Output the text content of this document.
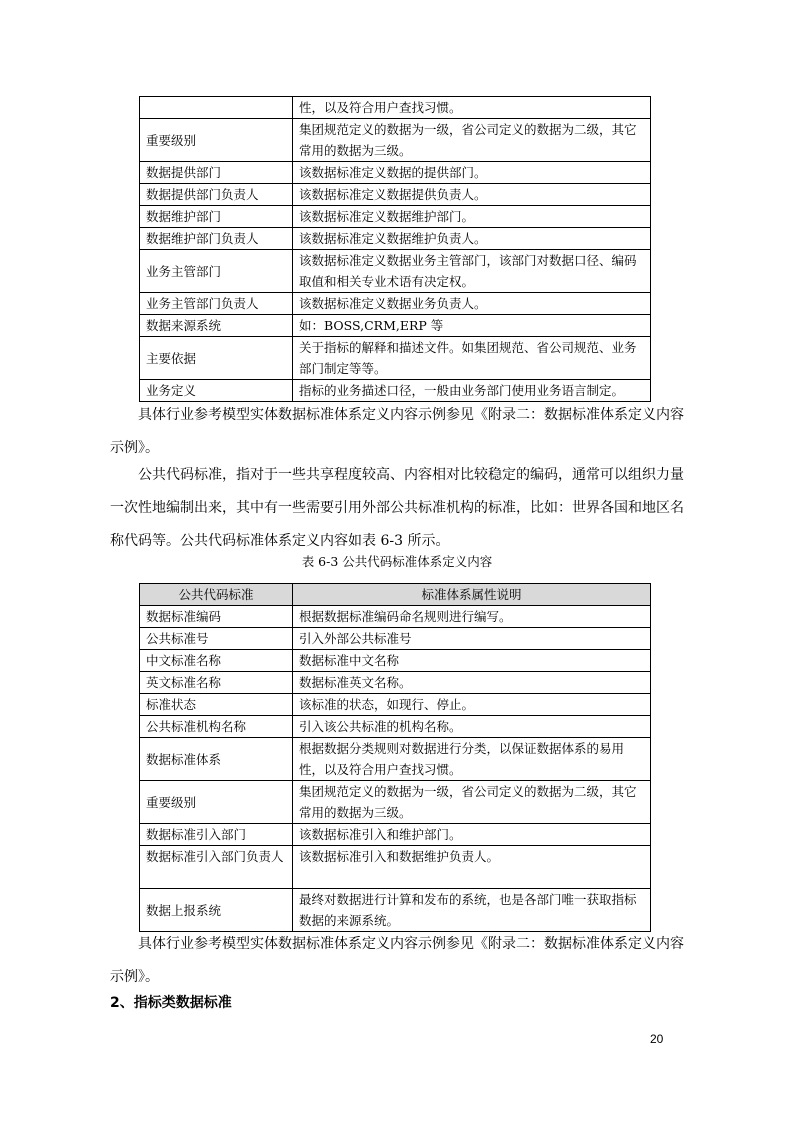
	性，以及符合用户查找习惯。
重要级别	集团规范定义的数据为一级，省公司定义的数据为二级，其它常用的数据为三级。
数据提供部门	该数据标准定义数据的提供部门。
数据提供部门负责人	该数据标准定义数据提供负责人。
数据维护部门	该数据标准定义数据维护部门。
数据维护部门负责人	该数据标准定义数据维护负责人。
业务主管部门	该数据标准定义数据业务主管部门，该部门对数据口径、编码取值和相关专业术语有决定权。
业务主管部门负责人	该数据标准定义数据业务负责人。
数据来源系统	如：BOSS,CRM,ERP 等
主要依据	关于指标的解释和描述文件。如集团规范、省公司规范、业务部门制定等等。
业务定义	指标的业务描述口径，一般由业务部门使用业务语言制定。

具体行业参考模型实体数据标准体系定义内容示例参见《附录二：数据标准体系定义内容示例》。

公共代码标准，指对于一些共享程度较高、内容相对比较稳定的编码，通常可以组织力量一次性地编制出来，其中有一些需要引用外部公共标准机构的标准，比如：世界各国和地区名称代码等。公共代码标准体系定义内容如表 6-3 所示。

表 6-3 公共代码标准体系定义内容
公共代码标准	标准体系属性说明
数据标准编码	根据数据标准编码命名规则进行编写。
公共标准号	引入外部公共标准号
中文标准名称	数据标准中文名称
英文标准名称	数据标准英文名称。
标准状态	该标准的状态，如现行、停止。
公共标准机构名称	引入该公共标准的机构名称。
数据标准体系	根据数据分类规则对数据进行分类，以保证数据体系的易用性，以及符合用户查找习惯。
重要级别	集团规范定义的数据为一级，省公司定义的数据为二级，其它常用的数据为三级。
数据标准引入部门	该数据标准引入和维护部门。
数据标准引入部门负责人	该数据标准引入和数据维护负责人。
数据上报系统	最终对数据进行计算和发布的系统，也是各部门唯一获取指标数据的来源系统。

具体行业参考模型实体数据标准体系定义内容示例参见《附录二：数据标准体系定义内容示例》。

2、指标类数据标准
20
